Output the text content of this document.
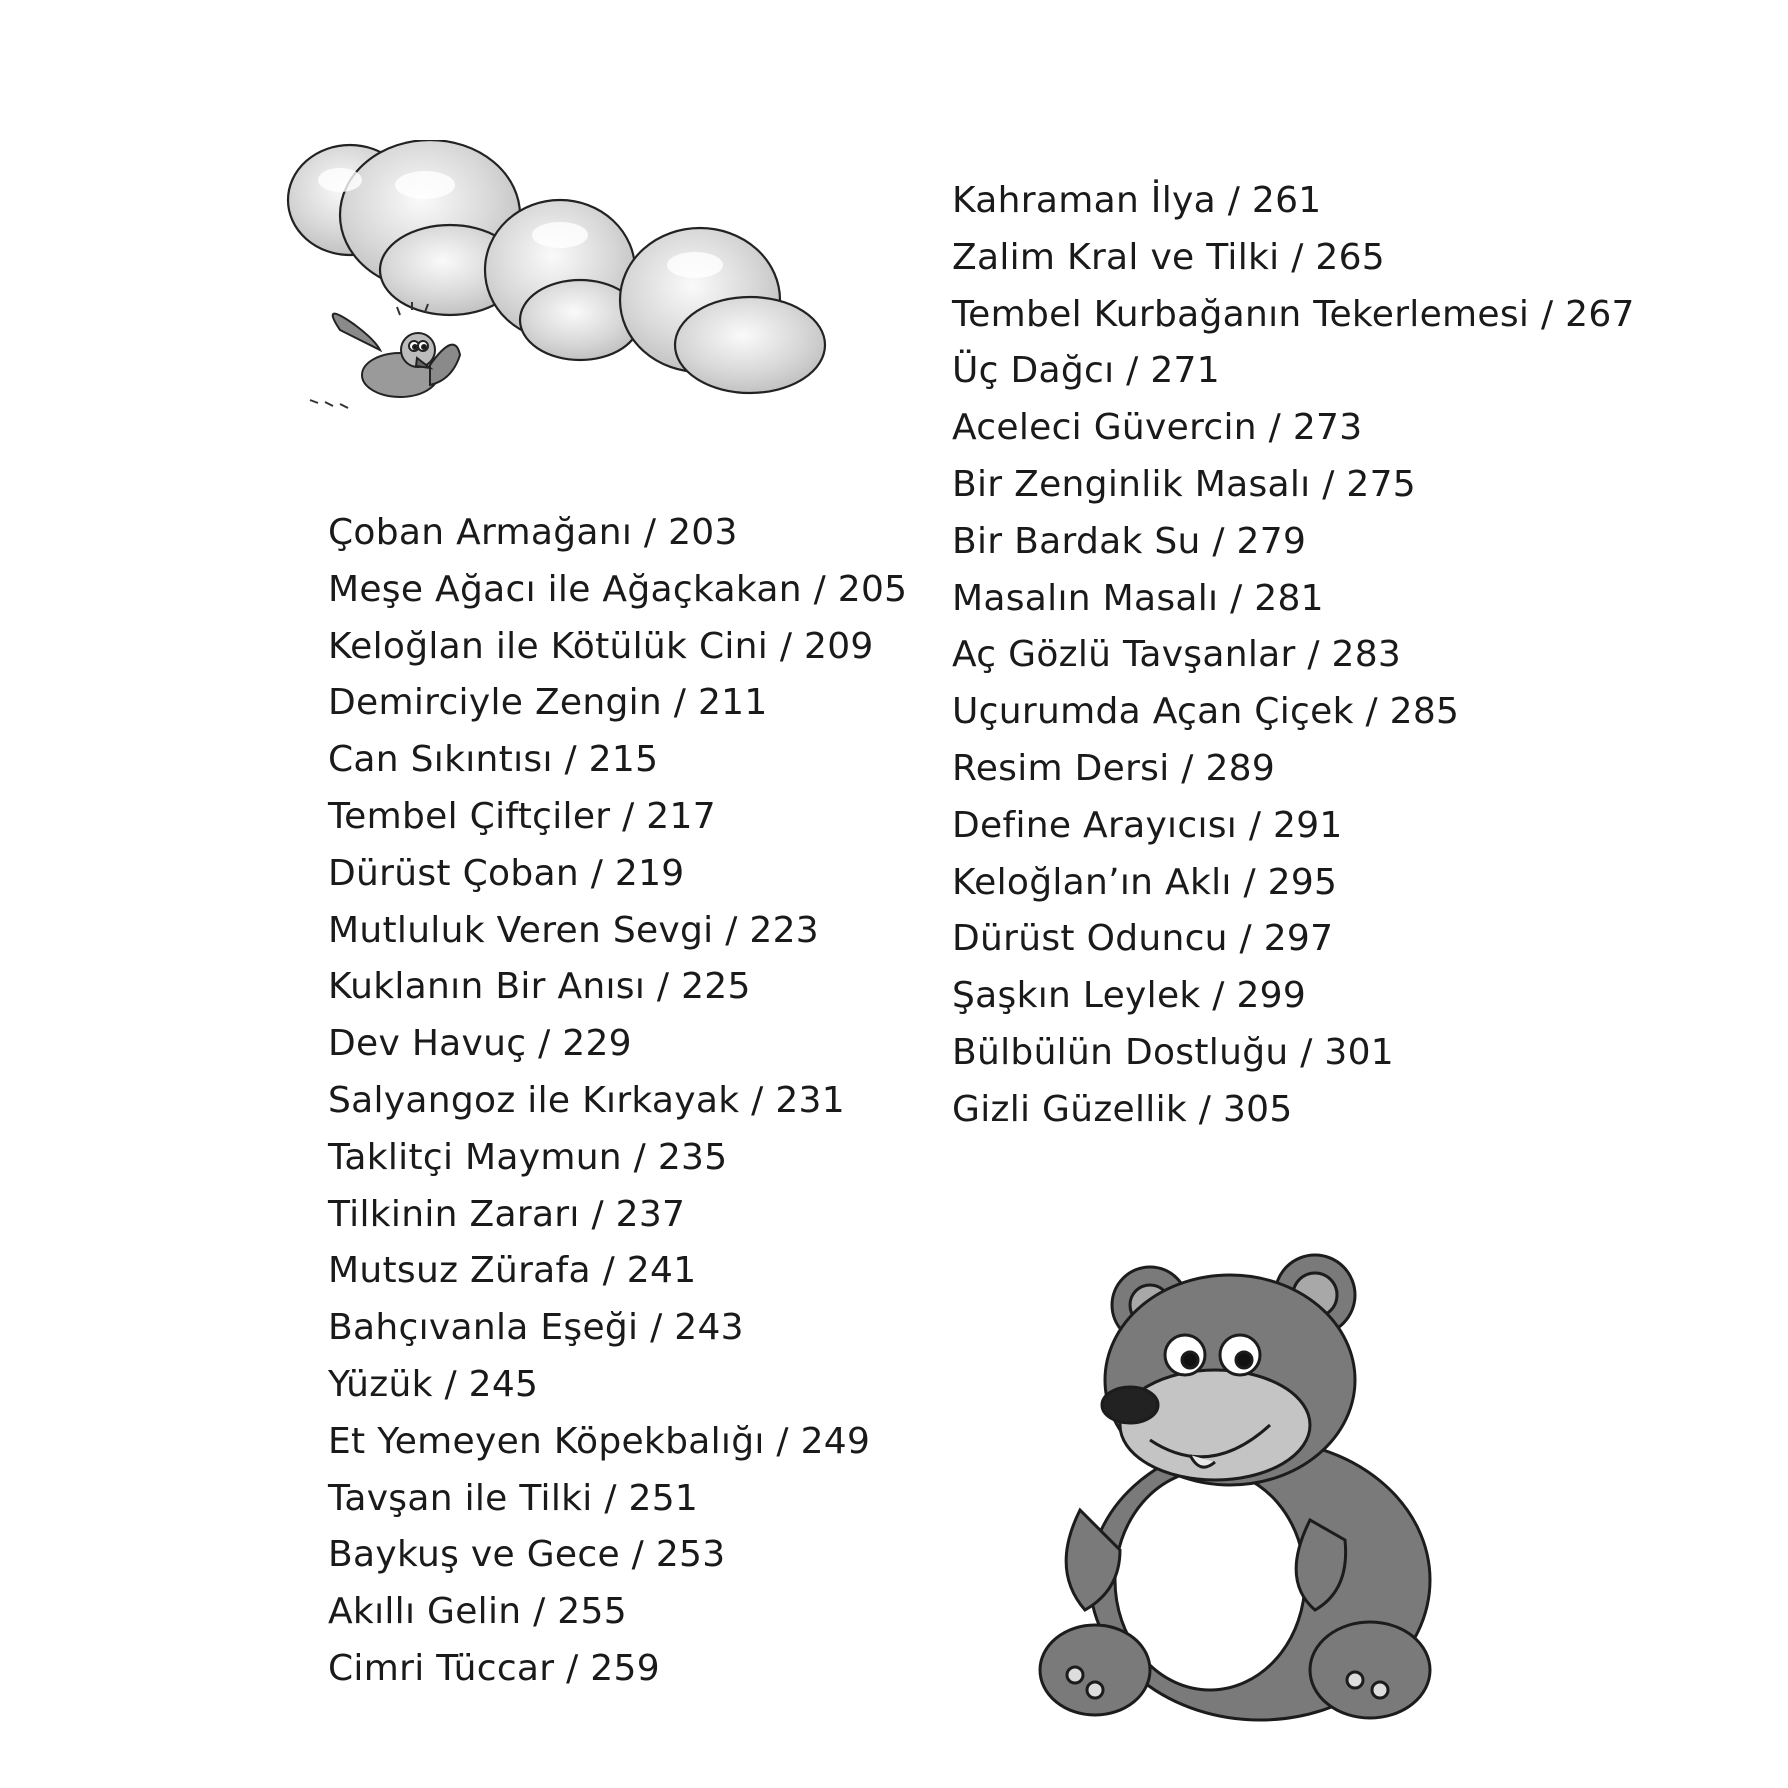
Çoban Armağanı / 203
Meşe Ağacı ile Ağaçkakan / 205
Keloğlan ile Kötülük Cini / 209
Demirciyle Zengin / 211
Can Sıkıntısı / 215
Tembel Çiftçiler / 217
Dürüst Çoban / 219
Mutluluk Veren Sevgi / 223
Kuklanın Bir Anısı / 225
Dev Havuç / 229
Salyangoz ile Kırkayak / 231
Taklitçi Maymun / 235
Tilkinin Zararı / 237
Mutsuz Zürafa / 241
Bahçıvanla Eşeği / 243
Yüzük / 245
Et Yemeyen Köpekbalığı / 249
Tavşan ile Tilki / 251
Baykuş ve Gece / 253
Akıllı Gelin / 255
Cimri Tüccar / 259
Kahraman İlya / 261
Zalim Kral ve Tilki / 265
Tembel Kurbağanın Tekerlemesi / 267
Üç Dağcı / 271
Aceleci Güvercin / 273
Bir Zenginlik Masalı / 275
Bir Bardak Su / 279
Masalın Masalı / 281
Aç Gözlü Tavşanlar / 283
Uçurumda Açan Çiçek / 285
Resim Dersi / 289
Define Arayıcısı / 291
Keloğlan’ın Aklı / 295
Dürüst Oduncu / 297
Şaşkın Leylek / 299
Bülbülün Dostluğu / 301
Gizli Güzellik / 305
